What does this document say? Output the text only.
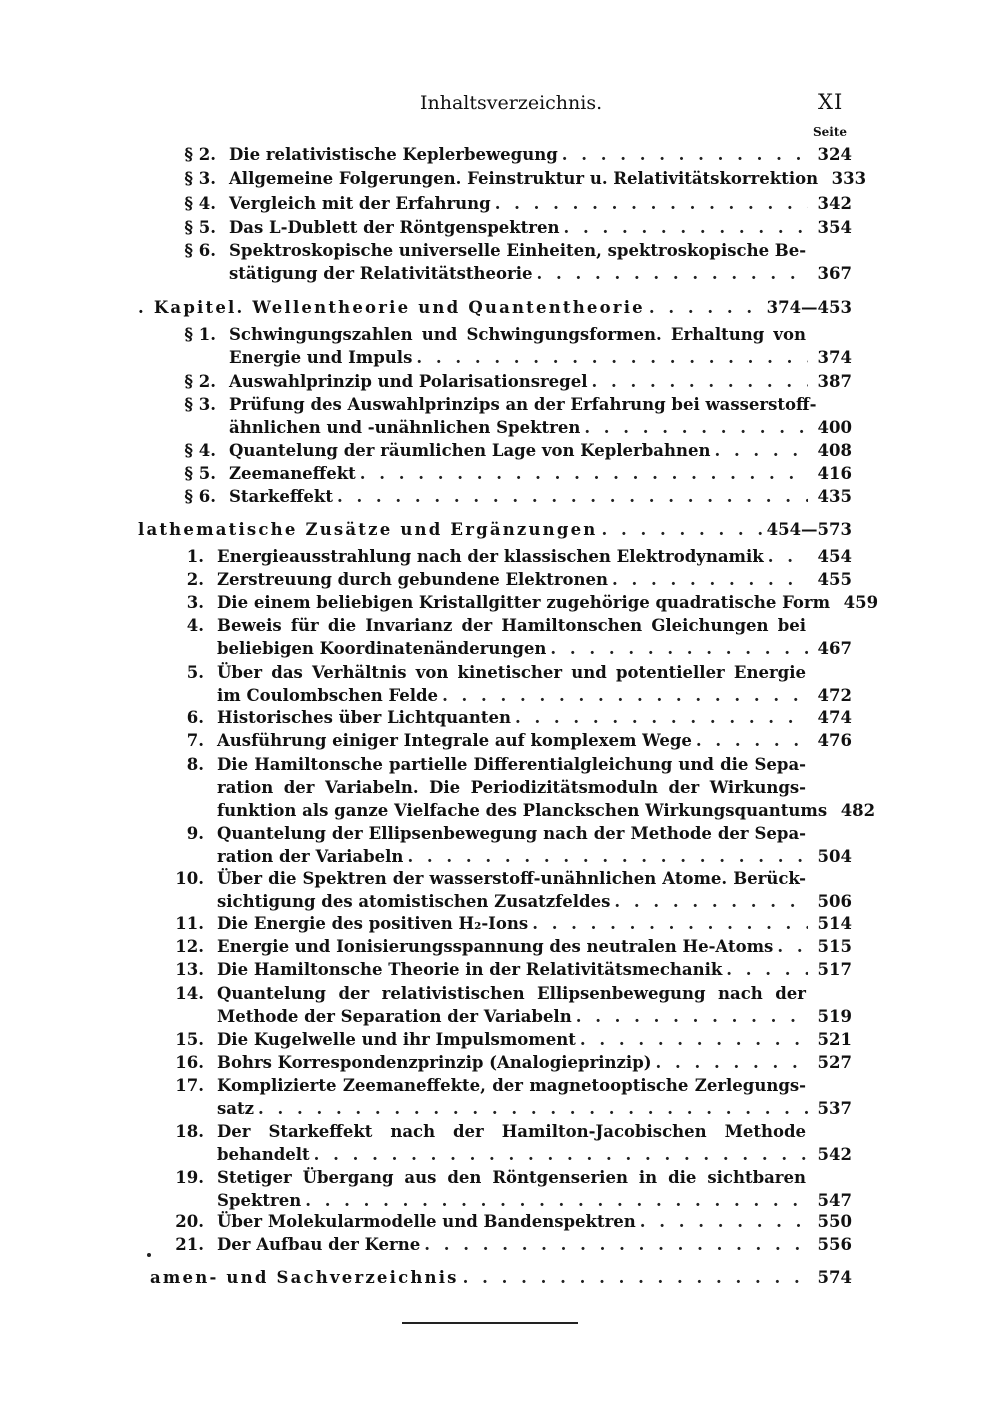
Inhaltsverzeichnis.	XI
Seite
§ 2. Die relativistische Keplerbewegung . . .	324
§ 3. Allgemeine Folgerungen. Feinstruktur u. Relativitätskorrektion 333
§ 4. Vergleich mit der Erfahrung . . .	342
§ 5. Das L-Dublett der Röntgenspektren . . .	354
§ 6. Spektroskopische universelle Einheiten, spektroskopische Be-
stätigung der Relativitätstheorie . . .	367
. Kapitel. Wellentheorie und Quantentheorie . . .	374—453
§ 1. Schwingungszahlen und Schwingungsformen. Erhaltung von
Energie und Impuls . . .	374
§ 2. Auswahlprinzip und Polarisationsregel . . .	387
§ 3. Prüfung des Auswahlprinzips an der Erfahrung bei wasserstoff-
ähnlichen und -unähnlichen Spektren . . .	400
§ 4. Quantelung der räumlichen Lage von Keplerbahnen . . .	408
§ 5. Zeemaneffekt . . .	416
§ 6. Starkeffekt . . .	435
lathematische Zusätze und Ergänzungen . . .	454—573
1. Energieausstrahlung nach der klassischen Elektrodynamik . . .	454
2. Zerstreuung durch gebundene Elektronen . . .	455
3. Die einem beliebigen Kristallgitter zugehörige quadratische Form 459
4. Beweis für die Invarianz der Hamiltonschen Gleichungen bei
beliebigen Koordinatenänderungen . . .	467
5. Über das Verhältnis von kinetischer und potentieller Energie
im Coulombschen Felde . . .	472
6. Historisches über Lichtquanten . . .	474
7. Ausführung einiger Integrale auf komplexem Wege . . .	476
8. Die Hamiltonsche partielle Differentialgleichung und die Sepa-
ration der Variabeln. Die Periodizitätsmoduln der Wirkungs-
funktion als ganze Vielfache des Planckschen Wirkungsquantums 482
9. Quantelung der Ellipsenbewegung nach der Methode der Sepa-
ration der Variabeln . . .	504
10. Über die Spektren der wasserstoff-unähnlichen Atome. Berück-
sichtigung des atomistischen Zusatzfeldes . . .	506
11. Die Energie des positiven H₂-Ions . . .	514
12. Energie und Ionisierungsspannung des neutralen He-Atoms . . .	515
13. Die Hamiltonsche Theorie in der Relativitätsmechanik . . .	517
14. Quantelung der relativistischen Ellipsenbewegung nach der
Methode der Separation der Variabeln . . .	519
15. Die Kugelwelle und ihr Impulsmoment . . .	521
16. Bohrs Korrespondenzprinzip (Analogieprinzip) . . .	527
17. Komplizierte Zeemaneffekte, der magnetooptische Zerlegungs-
satz . . .	537
18. Der Starkeffekt nach der Hamilton-Jacobischen Methode
behandelt . . .	542
19. Stetiger Übergang aus den Röntgenserien in die sichtbaren
Spektren . . .	547
20. Über Molekularmodelle und Bandenspektren . . .	550
21. Der Aufbau der Kerne . . .	556
amen- und Sachverzeichnis . . .	574
